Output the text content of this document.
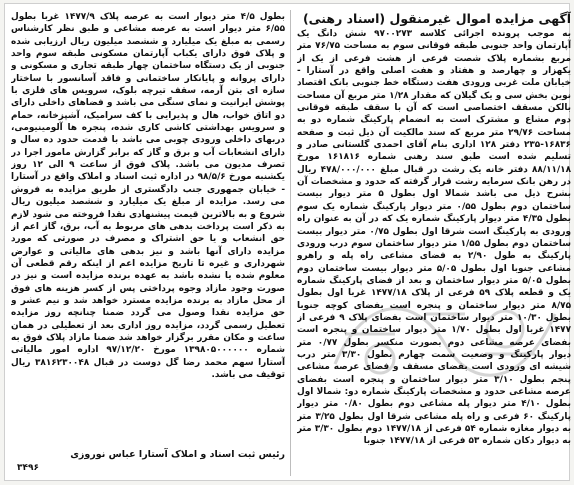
آگهی مزایده اموال غیرمنقول (اسناد رهنی)

به موجب پرونده اجرائی کلاسه ۹۷۰۰۲۷۳ شش دانگ یک آپارتمان واحد جنوبی طبقه فوقانی سوم به مساحت ۷۶/۷۵ متر مربع بشماره پلاک شصت فرعی از هشت فرعی از یک از یکهزار و چهارصد و هفتاد و هفت اصلی واقع در آستارا - خیابان ملت غربی ورودی هفت دستگاه خط جنوبی بانک اقتصاد نوین بخش سی و یک گیلان که مقدار ۱/۲۸ متر مربع آن مساحت بالکن مسقف اختصاصی است که آن با سقف طبقه فوقانی دوم مشاع و مشترک است به انضمام پارکینگ شماره دو به مساحت ۲۹/۷۶ متر مربع که سند مالکیت آن ذیل ثبت و صفحه ۱۶۸۳۶-۲۳۵ دفتر ۱۲۸ اداری بنام آقای احمدی گلستانی صادر و تسلیم شده است طبق سند رهنی شماره ۱۶۱۸۱۶ مورخ ۸۸/۱۱/۱۸ دفتر خانه یک رشت در قبال مبلغ ۴۷۸/۰۰۰/۰۰۰ ریال در رهن بانک سرمایه رشت قرار گرفته که حدود و مشخصات آن بشرح ذیل می باشد شمالا اول بطول ۵ متر دیوار بیست ساختمان دوم بطول ۰/۵۵ متر دیوار پارکینگ شماره یک سوم بطول ۴/۳۵ متر دیوار پارکینگ شماره یک که در آن به عنوان راه ورودی به پارکینگ است شرقا اول بطول ۰/۷۵ متر دیوار بیست ساختمان دوم بطول ۱/۵۵ متر دیوار ساختمان سوم درب ورودی پارکینگ به طول ۲/۹۰ به فضای مشاعی راه پله و راهرو مشاعی جنوبا اول بطول ۵/۰۵ متر دیوار بیست ساختمان دوم بطول ۵/۰۵ متر دیوار ساختمان و بعد از فضای پارکینگ شماره یک و قطعه پلاک ۵۹ فرعی از پلاک ۱۴۷۷/۱۸ غربا اول بطول ۸/۷۵ متر دیوار ساختمان و پنجره است بفضای کوچه جنوبا بطول ۱۰/۳۰ متر دیوار ساختمان است بفضای پلاک ۹ فرعی از ۱۴۷۷ غربا اول بطول ۱/۷۰ متر دیوار ساختمان و پنجره است بفضای عرصه مشاعی دوم بصورت منکسر بطول ۰/۷۷ متر دیوار پارکینگ و وضعیت سمت چهارم بطول ۳/۳۰ متر درب شیشه ای ورودی است بفضای مسقف و فضای عرصه مشاعی پنجم بطول ۳/۱۰ متر دیوار ساختمان و پنجره است بفضای عرصه مشاعی حدود و مشخصات پارکینگ شماره دو: شمالا اول بطول ۴/۱۰ متر دیوار پله مشاعی دوم بطول ۰/۸۰ متر دیوار پارکینگ ۶۰ فرعی و راه پله مشاعی شرقا اول بطول ۳/۲۵ متر به دیوار مغازه شماره ۵۴ فرعی از ۱۴۷۷/۱۸ دوم بطول ۳/۳۰ متر به دیوار دکان شماره ۵۳ فرعی از ۱۴۷۷/۱۸ جنوبا

بطول ۴/۵ متر دیوار است به عرصه پلاک ۱۴۷۷/۹ غربا بطول ۶/۵۵ متر دیوار است به عرصه مشاعی و طبق نظر کارشناس رسمی به مبلغ یک میلیارد و ششصد میلیون ریال ارزیابی شده و پلاک فوق دارای یکباب آپارتمان مسکونی طبقه سوم واحد جنوبی از یک دستگاه ساختمان چهار طبقه تجاری و مسکونی و دارای پروانه و پایانکار ساختمانی و فاقد آسانسور با ساختار سازه ای بتن آرمه، سقف تیرچه بلوک، سرویس های فلزی با پوشش ایرانیت و نمای سنگی می باشد و فضاهای داخلی دارای دو اتاق خواب، هال و پذیرایی با کف سرامیک، آشپزخانه، حمام و سرویس بهداشتی کاشی کاری شده، پنجره ها آلومینیومی، دربهای داخلی ورودی چوبی می باشد با قدمت حدود ده سال و دارای انشعابات آب و برق و گاز که برابر گزارش مامور اجرا در تصرف مدیون می باشد. پلاک فوق از ساعت ۹ الی ۱۲ روز یکشنبه مورخ ۹۸/۵/۶ در اداره ثبت اسناد و املاک واقع در آستارا - خیابان جمهوری جنب دادگستری از طریق مزایده به فروش می رسد. مزایده از مبلغ یک میلیارد و ششصد میلیون ریال شروع و به بالاترین قیمت پیشنهادی نقدا فروخته می شود لازم به ذکر است پرداخت بدهی های مربوط به آب، برق، گاز اعم از حق انشعاب و یا حق اشتراک و مصرف در صورتی که مورد مزایده دارای آنها باشد و نیز بدهی های مالیاتی و عوارض شهرداری و غیره تا تاریخ مزایده اعم از اینکه رقم قطعی آن معلوم شده یا نشده باشد به عهده برنده مزایده است و نیز در صورت وجود مازاد وجوه پرداختی پس از کسر هزینه های فوق از محل مازاد به برنده مزایده مسترد خواهد شد و نیم عشر و حق مزایده نقدا وصول می گردد ضمنا چنانچه روز مزایده تعطیل رسمی گردد، مزایده روز اداری بعد از تعطیلی در همان ساعت و مکان مقرر برگزار خواهد شد ضمنا مازاد پلاک فوق به شماره ۱۳۹۸۰۵۰۰۰۰۰۰ مورخ ۹۷/۱۲/۲۰ اداره امور مالیاتی آستارا سهم محمد رضا گل دوست در قبال ۳۸۱۶۲۳۰۰۴۸ ریال توقیف می باشد.

رئیس ثبت اسناد و املاک آستارا عباس نوروزی
۳۴۹۶
